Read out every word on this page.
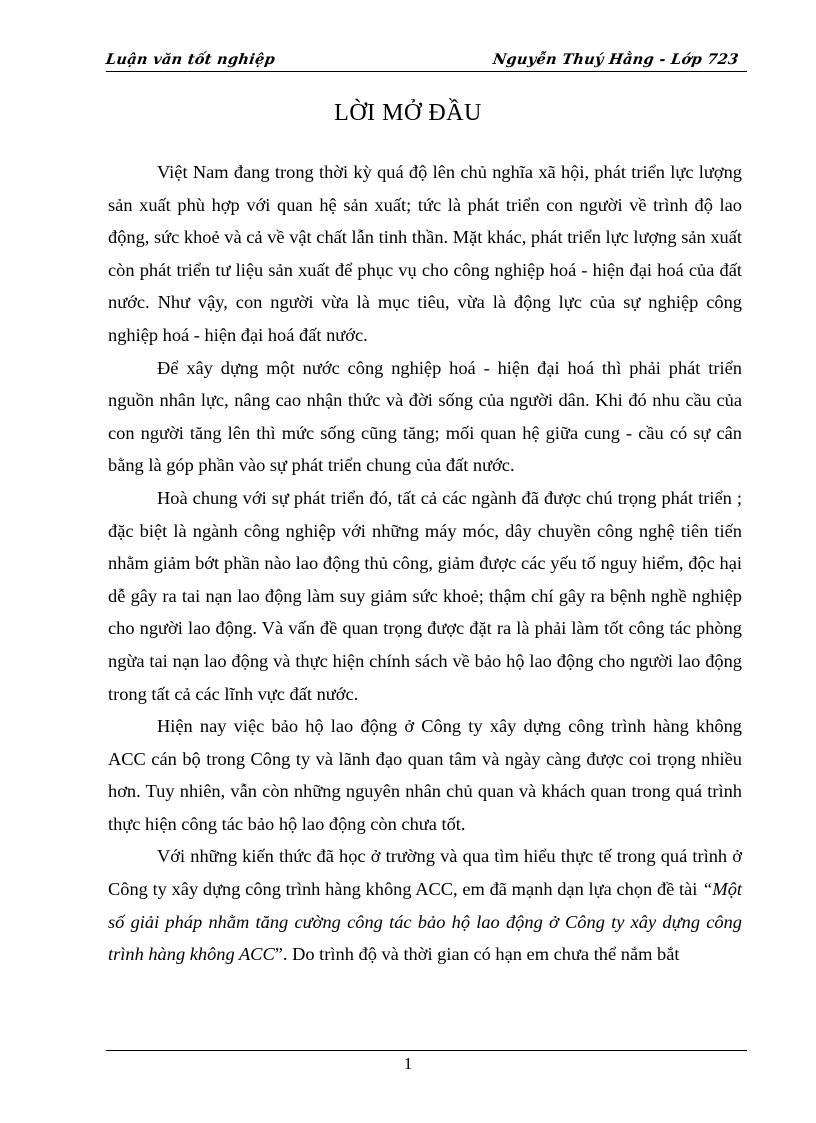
Luận văn tốt nghiệp	Nguyễn Thuý Hằng - Lớp 723
LỜI MỞ ĐẦU

Việt Nam đang trong thời kỳ quá độ lên chủ nghĩa xã hội, phát triển lực lượng sản xuất phù hợp với quan hệ sản xuất; tức là phát triển con người về trình độ lao động, sức khoẻ và cả về vật chất lẫn tinh thần. Mặt khác, phát triển lực lượng sản xuất còn phát triển tư liệu sản xuất để phục vụ cho công nghiệp hoá - hiện đại hoá của đất nước. Như vậy, con người vừa là mục tiêu, vừa là động lực của sự nghiệp công nghiệp hoá - hiện đại hoá đất nước.

Để xây dựng một nước công nghiệp hoá - hiện đại hoá thì phải phát triển nguồn nhân lực, nâng cao nhận thức và đời sống của người dân. Khi đó nhu cầu của con người tăng lên thì mức sống cũng tăng; mối quan hệ giữa cung - cầu có sự cân bằng là góp phần vào sự phát triển chung của đất nước.

Hoà chung với sự phát triển đó, tất cả các ngành đã được chú trọng phát triển ; đặc biệt là ngành công nghiệp với những máy móc, dây chuyền công nghệ tiên tiến nhằm giảm bớt phần nào lao động thủ công, giảm được các yếu tố nguy hiểm, độc hại dễ gây ra tai nạn lao động làm suy giảm sức khoẻ; thậm chí gây ra bệnh nghề nghiệp cho người lao động. Và vấn đề quan trọng được đặt ra là phải làm tốt công tác phòng ngừa tai nạn lao động và thực hiện chính sách về bảo hộ lao động cho người lao động trong tất cả các lĩnh vực đất nước.

Hiện nay việc bảo hộ lao động ở Công ty xây dựng công trình hàng không ACC cán bộ trong Công ty và lãnh đạo quan tâm và ngày càng được coi trọng nhiều hơn. Tuy nhiên, vẫn còn những nguyên nhân chủ quan và khách quan trong quá trình thực hiện công tác bảo hộ lao động còn chưa tốt.

Với những kiến thức đã học ở trường và qua tìm hiểu thực tế trong quá trình ở Công ty xây dựng công trình hàng không ACC, em đã mạnh dạn lựa chọn đề tài “Một số giải pháp nhằm tăng cường công tác bảo hộ lao động ở Công ty xây dựng công trình hàng không ACC”. Do trình độ và thời gian có hạn em chưa thể nắm bắt

1
